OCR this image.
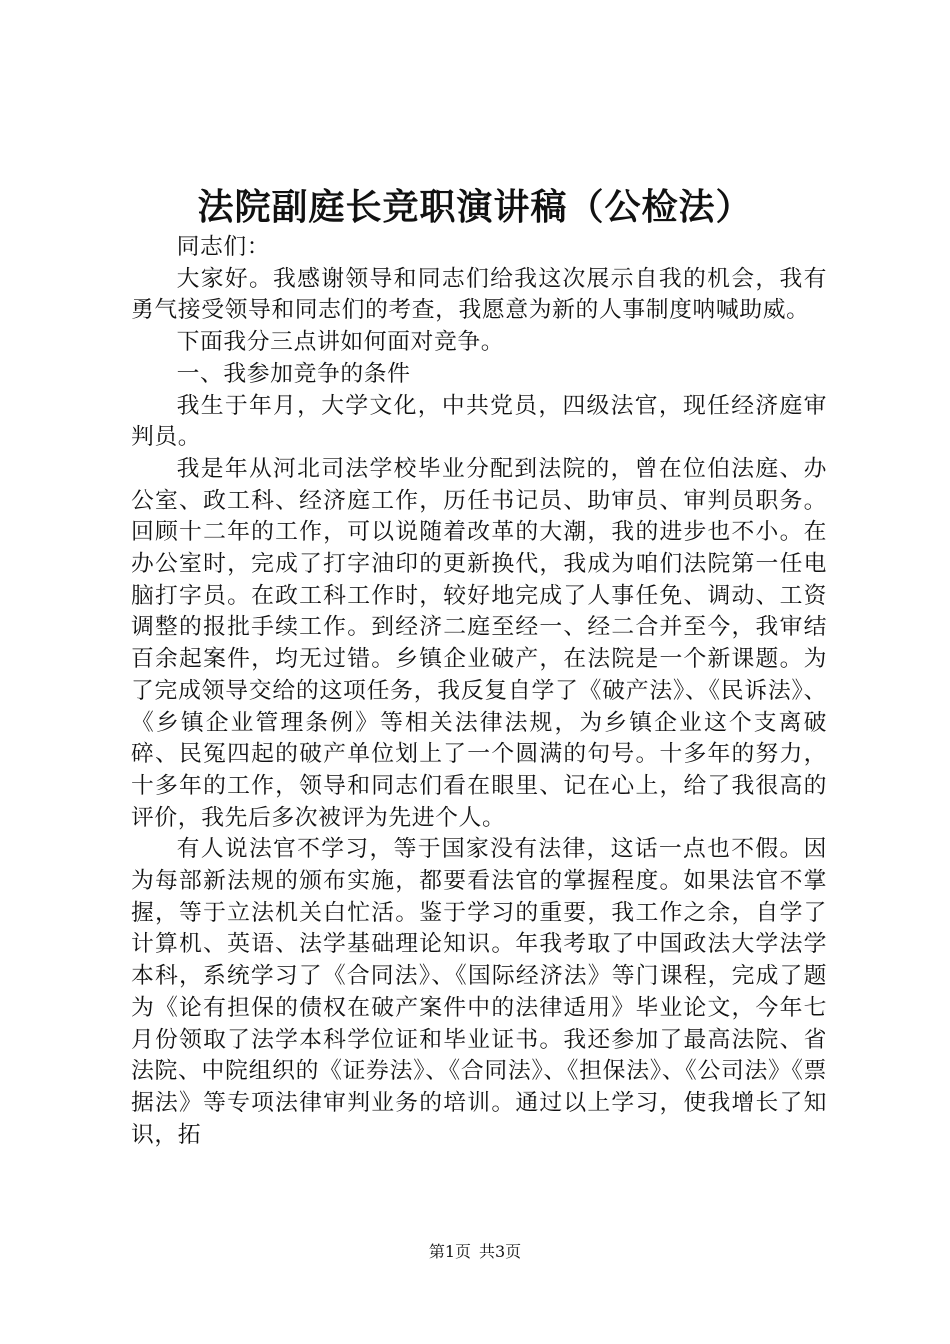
法院副庭长竞职演讲稿（公检法）

同志们：

大家好。我感谢领导和同志们给我这次展示自我的机会，我有勇气接受领导和同志们的考查，我愿意为新的人事制度呐喊助威。

下面我分三点讲如何面对竞争。

一、我参加竞争的条件

我生于年月，大学文化，中共党员，四级法官，现任经济庭审判员。

我是年从河北司法学校毕业分配到法院的，曾在位伯法庭、办公室、政工科、经济庭工作，历任书记员、助审员、审判员职务。回顾十二年的工作，可以说随着改革的大潮，我的进步也不小。在办公室时，完成了打字油印的更新换代，我成为咱们法院第一任电脑打字员。在政工科工作时，较好地完成了人事任免、调动、工资调整的报批手续工作。到经济二庭至经一、经二合并至今，我审结百余起案件，均无过错。乡镇企业破产，在法院是一个新课题。为了完成领导交给的这项任务，我反复自学了《破产法》、《民诉法》、《乡镇企业管理条例》等相关法律法规，为乡镇企业这个支离破碎、民冤四起的破产单位划上了一个圆满的句号。十多年的努力，十多年的工作，领导和同志们看在眼里、记在心上，给了我很高的评价，我先后多次被评为先进个人。

有人说法官不学习，等于国家没有法律，这话一点也不假。因为每部新法规的颁布实施，都要看法官的掌握程度。如果法官不掌握，等于立法机关白忙活。鉴于学习的重要，我工作之余，自学了计算机、英语、法学基础理论知识。年我考取了中国政法大学法学本科，系统学习了《合同法》、《国际经济法》等门课程，完成了题为《论有担保的债权在破产案件中的法律适用》毕业论文，今年七月份领取了法学本科学位证和毕业证书。我还参加了最高法院、省法院、中院组织的《证券法》、《合同法》、《担保法》、《公司法》《票据法》等专项法律审判业务的培训。通过以上学习，使我增长了知识，拓

第1页 共3页
